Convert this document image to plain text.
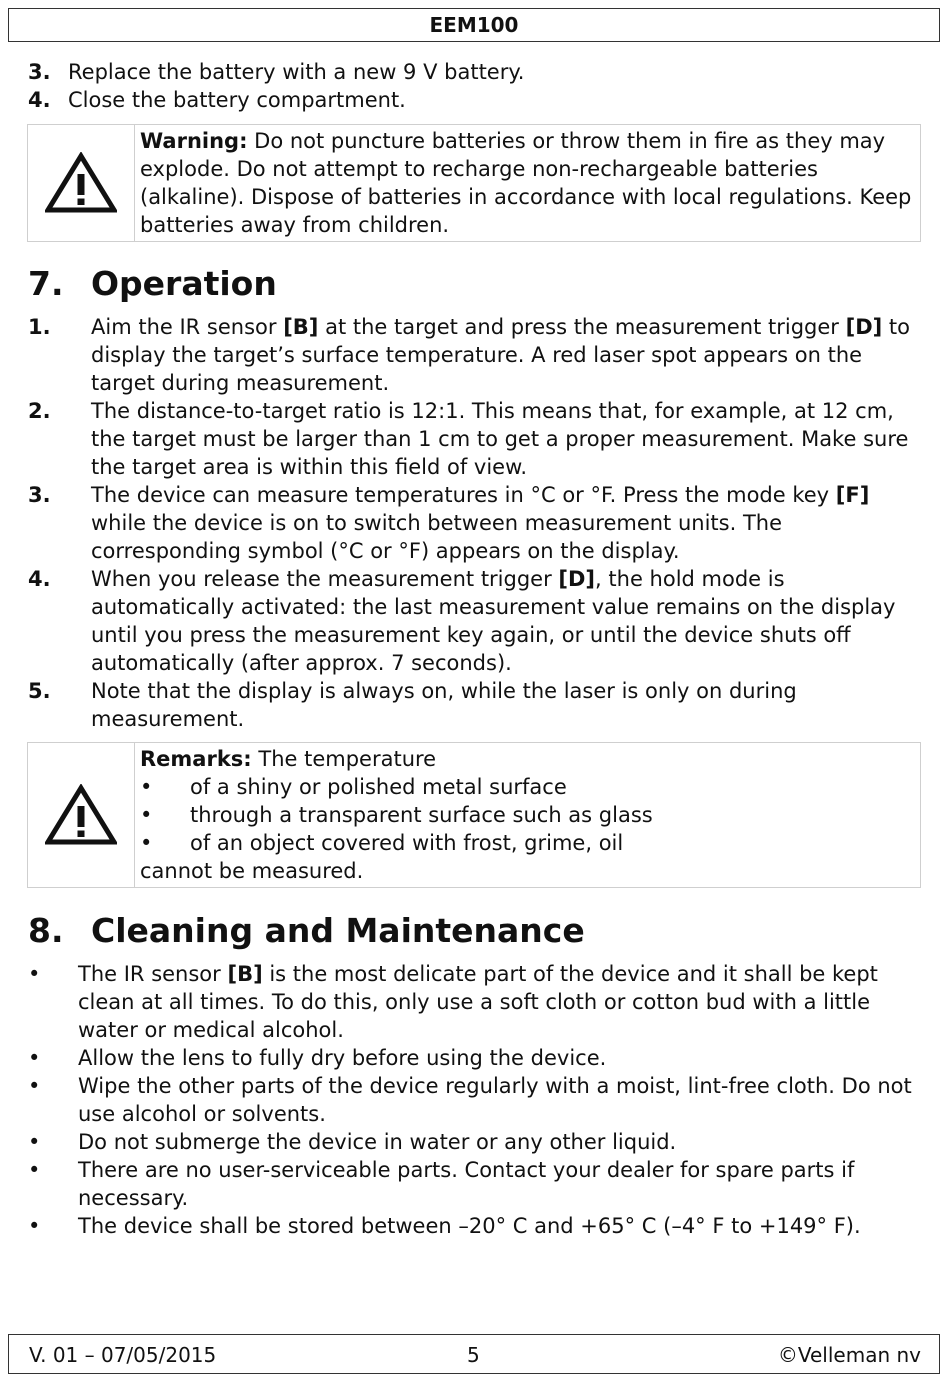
EEM100
3. Replace the battery with a new 9 V battery.
4. Close the battery compartment.
Warning: Do not puncture batteries or throw them in fire as they may explode. Do not attempt to recharge non-rechargeable batteries (alkaline). Dispose of batteries in accordance with local regulations. Keep batteries away from children.
7. Operation
1.	Aim the IR sensor [B] at the target and press the measurement trigger [D] to display the target’s surface temperature. A red laser spot appears on the target during measurement.
2.	The distance-to-target ratio is 12:1. This means that, for example, at 12 cm, the target must be larger than 1 cm to get a proper measurement. Make sure the target area is within this field of view.
3.	The device can measure temperatures in °C or °F. Press the mode key [F] while the device is on to switch between measurement units. The corresponding symbol (°C or °F) appears on the display.
4.	When you release the measurement trigger [D], the hold mode is automatically activated: the last measurement value remains on the display until you press the measurement key again, or until the device shuts off automatically (after approx. 7 seconds).
5.	Note that the display is always on, while the laser is only on during measurement.
Remarks: The temperature
•	of a shiny or polished metal surface
•	through a transparent surface such as glass
•	of an object covered with frost, grime, oil
cannot be measured.
8. Cleaning and Maintenance
•	The IR sensor [B] is the most delicate part of the device and it shall be kept clean at all times. To do this, only use a soft cloth or cotton bud with a little water or medical alcohol.
•	Allow the lens to fully dry before using the device.
•	Wipe the other parts of the device regularly with a moist, lint-free cloth. Do not use alcohol or solvents.
•	Do not submerge the device in water or any other liquid.
•	There are no user-serviceable parts. Contact your dealer for spare parts if necessary.
•	The device shall be stored between –20° C and +65° C (–4° F to +149° F).
V. 01 – 07/05/2015	5	©Velleman nv
